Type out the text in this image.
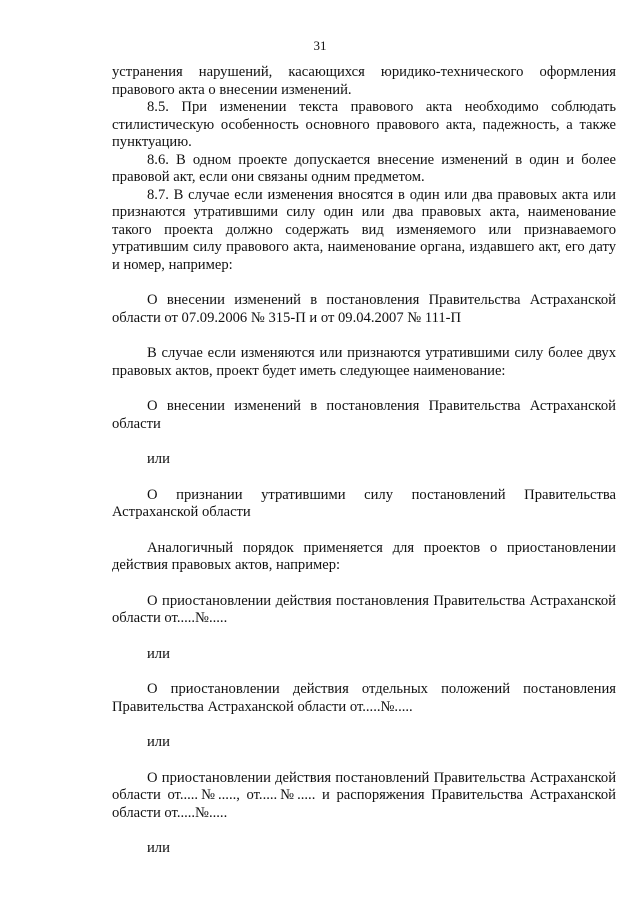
31

устранения нарушений, касающихся юридико-технического оформления правового акта о внесении изменений.

8.5. При изменении текста правового акта необходимо соблюдать стилистическую особенность основного правового акта, падежность, а также пунктуацию.

8.6. В одном проекте допускается внесение изменений в один и более правовой акт, если они связаны одним предметом.

8.7. В случае если изменения вносятся в один или два правовых акта или признаются утратившими силу один или два правовых акта, наименование такого проекта должно содержать вид изменяемого или признаваемого утратившим силу правового акта, наименование органа, издавшего акт, его дату и номер, например:

О внесении изменений в постановления Правительства Астраханской области от 07.09.2006 № 315-П и от 09.04.2007 № 111-П

В случае если изменяются или признаются утратившими силу более двух правовых актов, проект будет иметь следующее наименование:

О внесении изменений в постановления Правительства Астраханской области

или

О признании утратившими силу постановлений Правительства Астраханской области

Аналогичный порядок применяется для проектов о приостановлении действия правовых актов, например:

О приостановлении действия постановления Правительства Астраханской области от.....№.....

или

О приостановлении действия отдельных положений постановления Правительства Астраханской области от.....№.....

или

О приостановлении действия постановлений Правительства Астраханской области от.....№....., от.....№..... и распоряжения Правительства Астраханской области от.....№.....

или
